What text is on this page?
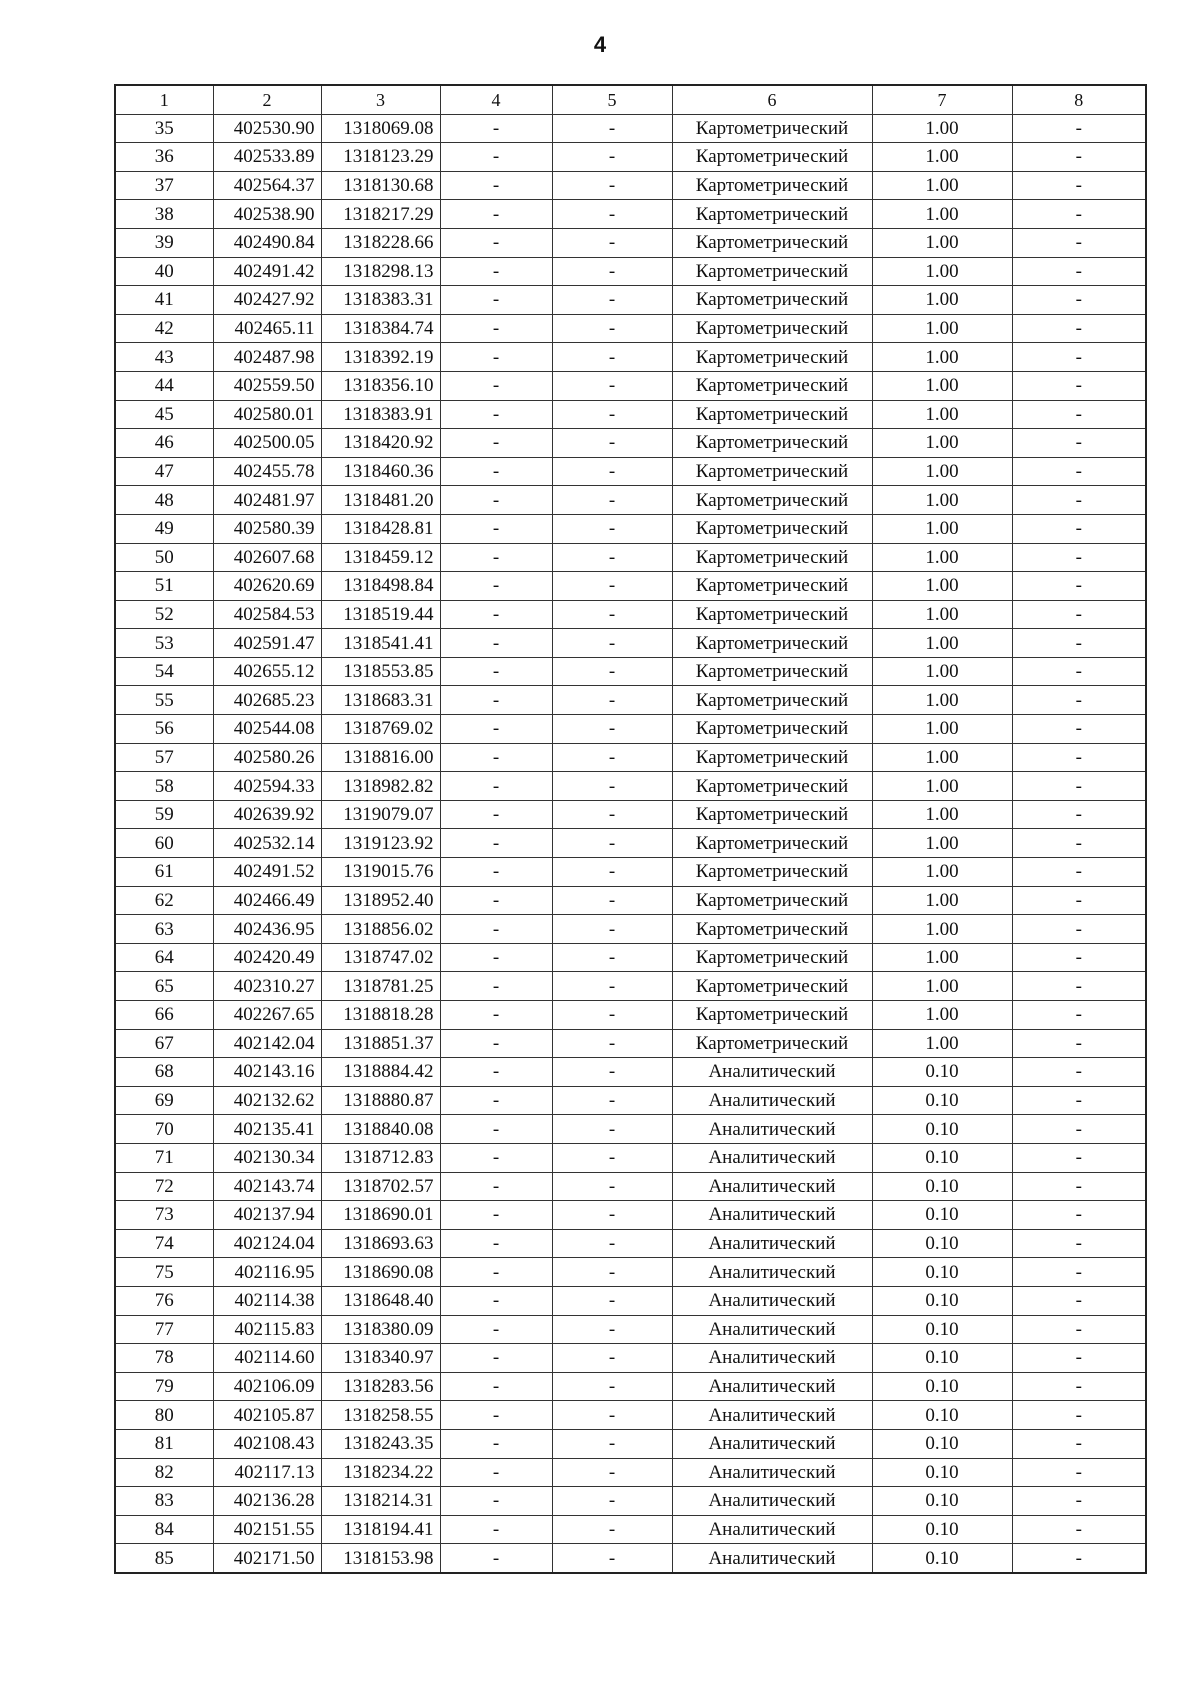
4
1	2	3	4	5	6	7	8
35	402530.90	1318069.08	-	-	Картометрический	1.00	-
36	402533.89	1318123.29	-	-	Картометрический	1.00	-
37	402564.37	1318130.68	-	-	Картометрический	1.00	-
38	402538.90	1318217.29	-	-	Картометрический	1.00	-
39	402490.84	1318228.66	-	-	Картометрический	1.00	-
40	402491.42	1318298.13	-	-	Картометрический	1.00	-
41	402427.92	1318383.31	-	-	Картометрический	1.00	-
42	402465.11	1318384.74	-	-	Картометрический	1.00	-
43	402487.98	1318392.19	-	-	Картометрический	1.00	-
44	402559.50	1318356.10	-	-	Картометрический	1.00	-
45	402580.01	1318383.91	-	-	Картометрический	1.00	-
46	402500.05	1318420.92	-	-	Картометрический	1.00	-
47	402455.78	1318460.36	-	-	Картометрический	1.00	-
48	402481.97	1318481.20	-	-	Картометрический	1.00	-
49	402580.39	1318428.81	-	-	Картометрический	1.00	-
50	402607.68	1318459.12	-	-	Картометрический	1.00	-
51	402620.69	1318498.84	-	-	Картометрический	1.00	-
52	402584.53	1318519.44	-	-	Картометрический	1.00	-
53	402591.47	1318541.41	-	-	Картометрический	1.00	-
54	402655.12	1318553.85	-	-	Картометрический	1.00	-
55	402685.23	1318683.31	-	-	Картометрический	1.00	-
56	402544.08	1318769.02	-	-	Картометрический	1.00	-
57	402580.26	1318816.00	-	-	Картометрический	1.00	-
58	402594.33	1318982.82	-	-	Картометрический	1.00	-
59	402639.92	1319079.07	-	-	Картометрический	1.00	-
60	402532.14	1319123.92	-	-	Картометрический	1.00	-
61	402491.52	1319015.76	-	-	Картометрический	1.00	-
62	402466.49	1318952.40	-	-	Картометрический	1.00	-
63	402436.95	1318856.02	-	-	Картометрический	1.00	-
64	402420.49	1318747.02	-	-	Картометрический	1.00	-
65	402310.27	1318781.25	-	-	Картометрический	1.00	-
66	402267.65	1318818.28	-	-	Картометрический	1.00	-
67	402142.04	1318851.37	-	-	Картометрический	1.00	-
68	402143.16	1318884.42	-	-	Аналитический	0.10	-
69	402132.62	1318880.87	-	-	Аналитический	0.10	-
70	402135.41	1318840.08	-	-	Аналитический	0.10	-
71	402130.34	1318712.83	-	-	Аналитический	0.10	-
72	402143.74	1318702.57	-	-	Аналитический	0.10	-
73	402137.94	1318690.01	-	-	Аналитический	0.10	-
74	402124.04	1318693.63	-	-	Аналитический	0.10	-
75	402116.95	1318690.08	-	-	Аналитический	0.10	-
76	402114.38	1318648.40	-	-	Аналитический	0.10	-
77	402115.83	1318380.09	-	-	Аналитический	0.10	-
78	402114.60	1318340.97	-	-	Аналитический	0.10	-
79	402106.09	1318283.56	-	-	Аналитический	0.10	-
80	402105.87	1318258.55	-	-	Аналитический	0.10	-
81	402108.43	1318243.35	-	-	Аналитический	0.10	-
82	402117.13	1318234.22	-	-	Аналитический	0.10	-
83	402136.28	1318214.31	-	-	Аналитический	0.10	-
84	402151.55	1318194.41	-	-	Аналитический	0.10	-
85	402171.50	1318153.98	-	-	Аналитический	0.10	-
